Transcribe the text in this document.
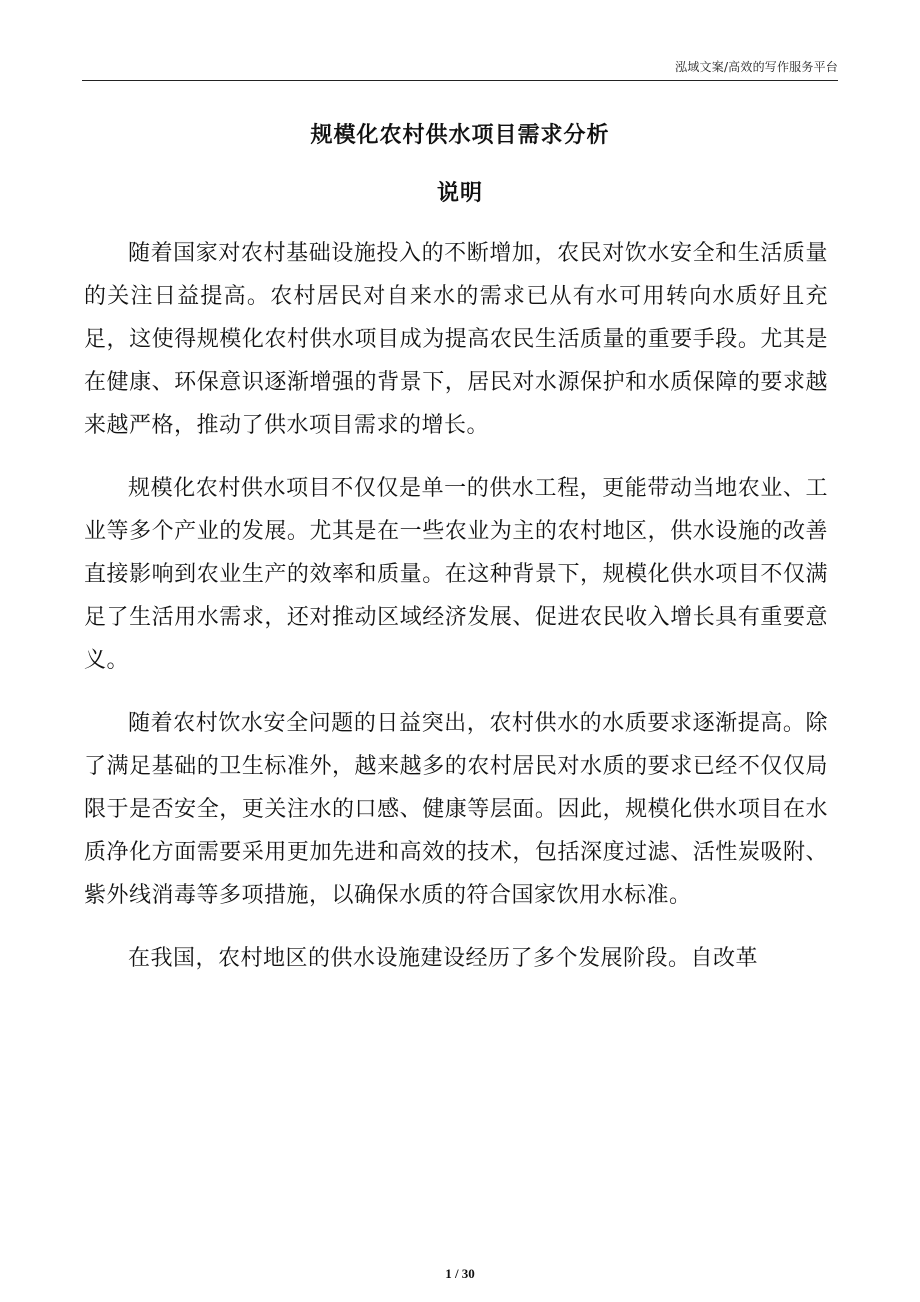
泓域文案/高效的写作服务平台
规模化农村供水项目需求分析
说明

随着国家对农村基础设施投入的不断增加，农民对饮水安全和生活质量的关注日益提高。农村居民对自来水的需求已从有水可用转向水质好且充足，这使得规模化农村供水项目成为提高农民生活质量的重要手段。尤其是在健康、环保意识逐渐增强的背景下，居民对水源保护和水质保障的要求越来越严格，推动了供水项目需求的增长。

规模化农村供水项目不仅仅是单一的供水工程，更能带动当地农业、工业等多个产业的发展。尤其是在一些农业为主的农村地区，供水设施的改善直接影响到农业生产的效率和质量。在这种背景下，规模化供水项目不仅满足了生活用水需求，还对推动区域经济发展、促进农民收入增长具有重要意义。

随着农村饮水安全问题的日益突出，农村供水的水质要求逐渐提高。除了满足基础的卫生标准外，越来越多的农村居民对水质的要求已经不仅仅局限于是否安全，更关注水的口感、健康等层面。因此，规模化供水项目在水质净化方面需要采用更加先进和高效的技术，包括深度过滤、活性炭吸附、紫外线消毒等多项措施，以确保水质的符合国家饮用水标准。

在我国，农村地区的供水设施建设经历了多个发展阶段。自改革

1 / 30
